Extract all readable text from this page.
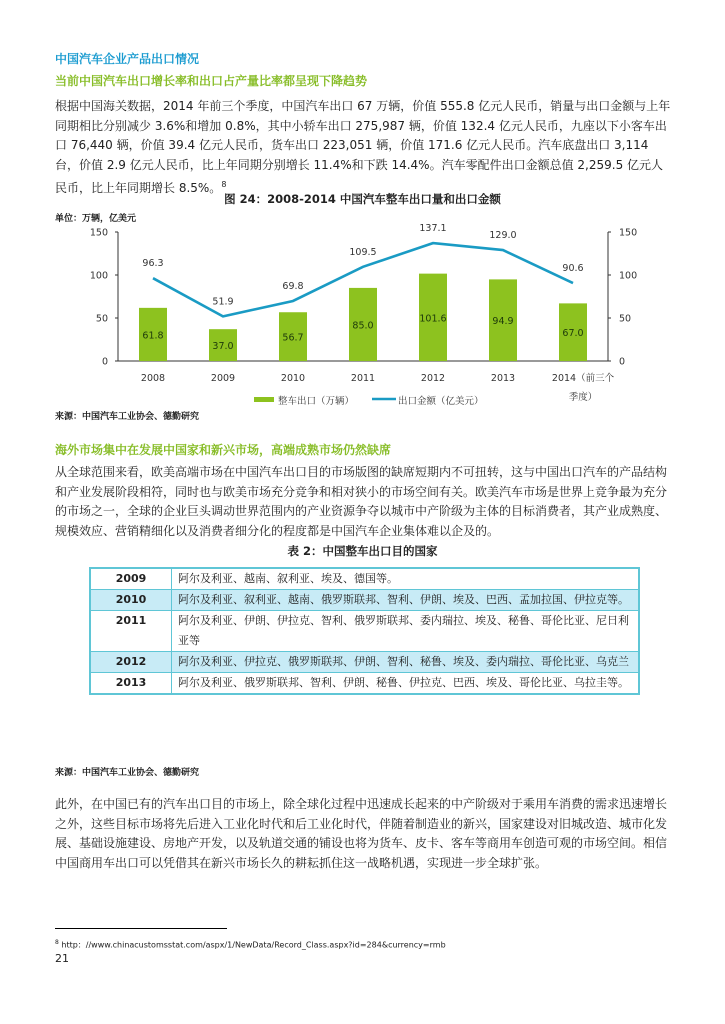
中国汽车企业产品出口情况
当前中国汽车出口增长率和出口占产量比率都呈现下降趋势
根据中国海关数据，2014 年前三个季度，中国汽车出口 67 万辆，价值 555.8 亿元人民币，销量与出口金额与上年同期相比分别减少 3.6%和增加 0.8%，其中小轿车出口 275,987 辆，价值 132.4 亿元人民币，九座以下小客车出口 76,440 辆，价值 39.4 亿元人民币，货车出口 223,051 辆，价值 171.6 亿元人民币。汽车底盘出口 3,114 台，价值 2.9 亿元人民币，比上年同期分别增长 11.4%和下跌 14.4%。汽车零配件出口金额总值 2,259.5 亿元人民币，比上年同期增长 8.5%。$^8$
图 24：2008-2014 中国汽车整车出口量和出口金额
单位：万辆，亿美元
0	0
50	50
100	100
150	150
61.8
37.0
56.7
85.0
101.6	94.9
67.0
96.3
51.9
69.8
109.5
137.1
129.0
90.6
2008	2009	2010	2011	2012	2013	2014（前三个
季度）
整车出口（万辆）	出口金额（亿美元）
来源：中国汽车工业协会、德勤研究
海外市场集中在发展中国家和新兴市场，高端成熟市场仍然缺席
从全球范围来看，欧美高端市场在中国汽车出口目的市场版图的缺席短期内不可扭转，这与中国出口汽车的产品结构和产业发展阶段相符，同时也与欧美市场充分竞争和相对狭小的市场空间有关。欧美汽车市场是世界上竞争最为充分的市场之一，全球的企业巨头调动世界范围内的产业资源争夺以城市中产阶级为主体的目标消费者，其产业成熟度、规模效应、营销精细化以及消费者细分化的程度都是中国汽车企业集体难以企及的。
表 2：中国整车出口目的国家
2009	阿尔及利亚、越南、叙利亚、埃及、德国等。
2010	阿尔及利亚、叙利亚、越南、俄罗斯联邦、智利、伊朗、埃及、巴西、孟加拉国、伊拉克等。
2011	阿尔及利亚、伊朗、伊拉克、智利、俄罗斯联邦、委内瑞拉、埃及、秘鲁、哥伦比亚、尼日利亚等
2012	阿尔及利亚、伊拉克、俄罗斯联邦、伊朗、智利、秘鲁、埃及、委内瑞拉、哥伦比亚、乌克兰
2013	阿尔及利亚、俄罗斯联邦、智利、伊朗、秘鲁、伊拉克、巴西、埃及、哥伦比亚、乌拉圭等。
来源：中国汽车工业协会、德勤研究
此外，在中国已有的汽车出口目的市场上，除全球化过程中迅速成长起来的中产阶级对于乘用车消费的需求迅速增长之外，这些目标市场将先后进入工业化时代和后工业化时代，伴随着制造业的新兴，国家建设对旧城改造、城市化发展、基础设施建设、房地产开发，以及轨道交通的铺设也将为货车、皮卡、客车等商用车创造可观的市场空间。相信中国商用车出口可以凭借其在新兴市场长久的耕耘抓住这一战略机遇，实现进一步全球扩张。
$^8$ http：//www.chinacustomsstat.com/aspx/1/NewData/Record_Class.aspx?id=284&currency=rmb
21
